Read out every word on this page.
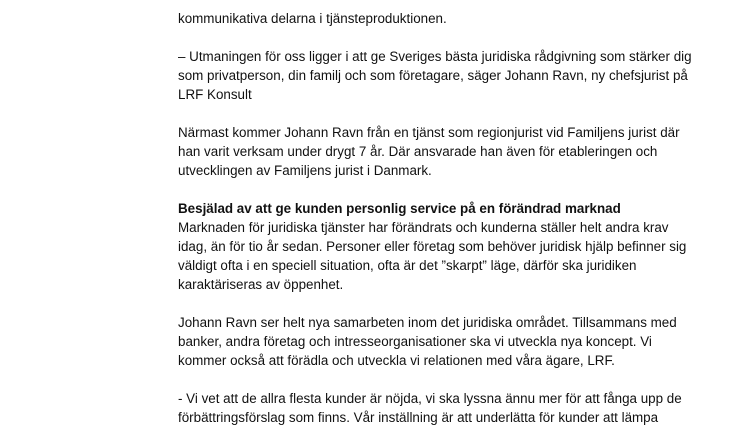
kommunikativa delarna i tjänsteproduktionen.

– Utmaningen för oss ligger i att ge Sveriges bästa juridiska rådgivning som stärker dig
som privatperson, din familj och som företagare, säger Johann Ravn, ny chefsjurist på
LRF Konsult

Närmast kommer Johann Ravn från en tjänst som regionjurist vid Familjens jurist där
han varit verksam under drygt 7 år. Där ansvarade han även för etableringen och
utvecklingen av Familjens jurist i Danmark.

Besjälad av att ge kunden personlig service på en förändrad marknad

Marknaden för juridiska tjänster har förändrats och kunderna ställer helt andra krav
idag, än för tio år sedan. Personer eller företag som behöver juridisk hjälp befinner sig
väldigt ofta i en speciell situation, ofta är det ”skarpt” läge, därför ska juridiken
karaktäriseras av öppenhet.

Johann Ravn ser helt nya samarbeten inom det juridiska området. Tillsammans med
banker, andra företag och intresseorganisationer ska vi utveckla nya koncept. Vi
kommer också att förädla och utveckla vi relationen med våra ägare, LRF.

- Vi vet att de allra flesta kunder är nöjda, vi ska lyssna ännu mer för att fånga upp de
förbättringsförslag som finns. Vår inställning är att underlätta för kunder att lämpa
